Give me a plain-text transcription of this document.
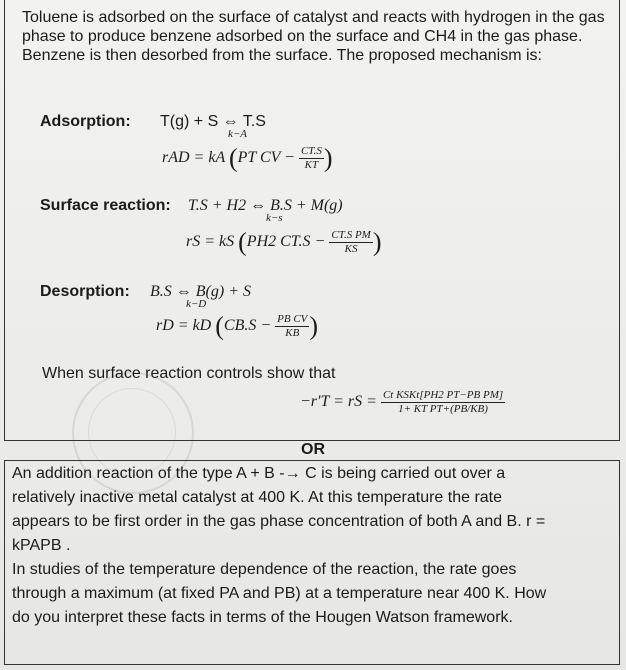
Toluene is adsorbed on the surface of catalyst and reacts with hydrogen in the gas phase to produce benzene adsorbed on the surface and CH4 in the gas phase. Benzene is then desorbed from the surface. The proposed mechanism is:
Adsorption: T(g) + S ⇔ T.S
k−A
rAD = kA (PT CV − $\frac{CT.S}{KT}$ )
Surface reaction: T.S + H2 ⇔ B.S + M(g)
k−s
rS = kS (PH2 $CT.S - \frac{\text{CT.S PM}}{KS}$ )
Desorption: B.S ⇔ B(g) + S
k−D
rD = kD ($CB.S - \frac{\text{PB CV}}{KB}$ )
When surface reaction controls show that
−r′T = rS = $\frac{\text{Ct KSKt[PH2 PT−PB PM]}}{\text{1+ KT PT+(PB/KB)}}$
OR
An addition reaction of the type A + B -→ C is being carried out over a
relatively inactive metal catalyst at 400 K. At this temperature the rate
appears to be first order in the gas phase concentration of both A and B. r =
kPAPB .
In studies of the temperature dependence of the reaction, the rate goes
through a maximum (at fixed PA and PB) at a temperature near 400 K. How
do you interpret these facts in terms of the Hougen Watson framework.
